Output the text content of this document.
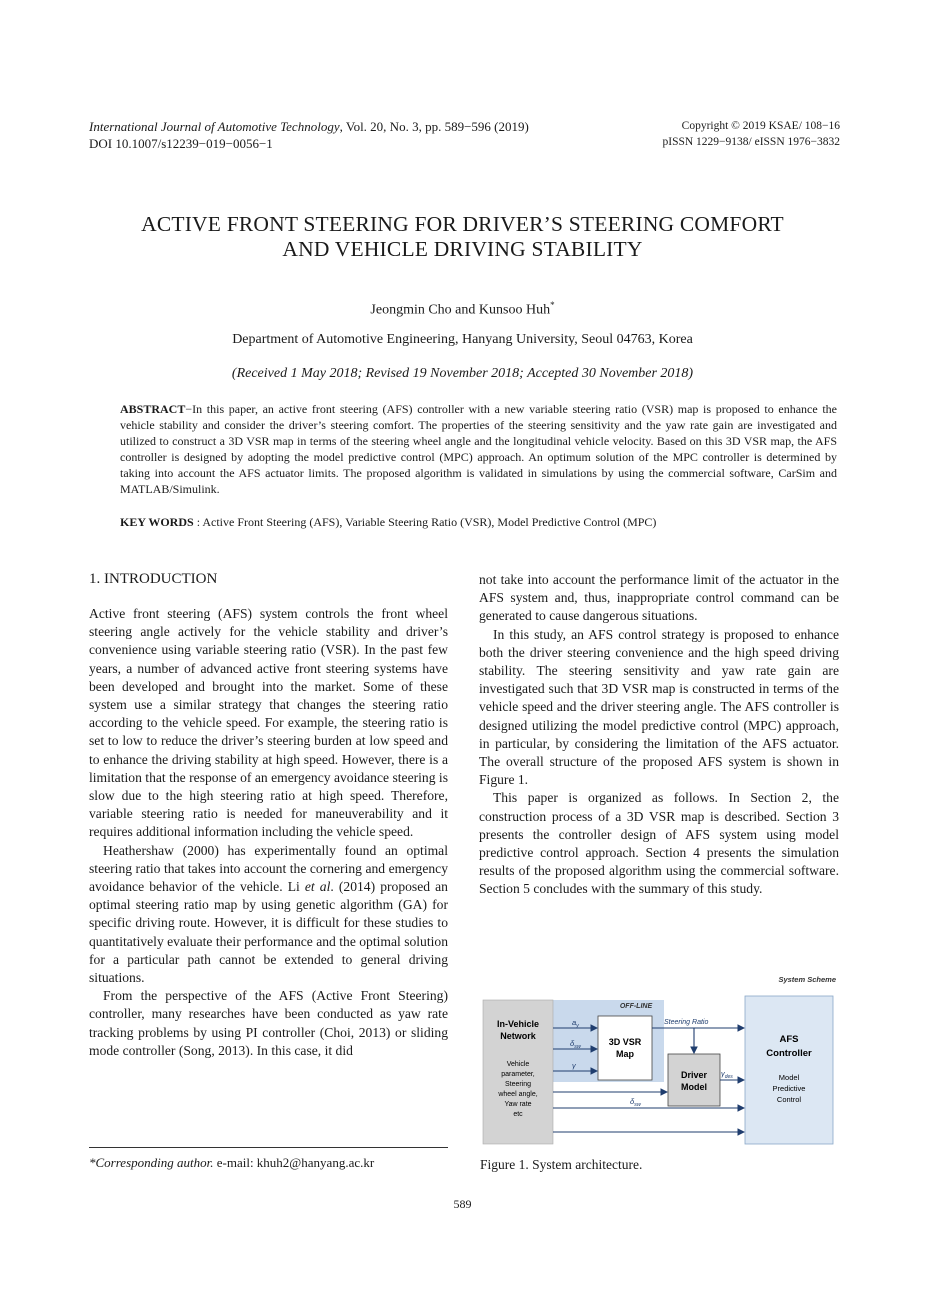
International Journal of Automotive Technology, Vol. 20, No. 3, pp. 589−596 (2019)
DOI 10.1007/s12239−019−0056−1
Copyright © 2019 KSAE/ 108−16
pISSN 1229−9138/ eISSN 1976−3832
ACTIVE FRONT STEERING FOR DRIVER’S STEERING COMFORT
AND VEHICLE DRIVING STABILITY
Jeongmin Cho and Kunsoo Huh*
Department of Automotive Engineering, Hanyang University, Seoul 04763, Korea
(Received 1 May 2018; Revised 19 November 2018; Accepted 30 November 2018)
ABSTRACT−In this paper, an active front steering (AFS) controller with a new variable steering ratio (VSR) map is proposed to enhance the vehicle stability and consider the driver’s steering comfort. The properties of the steering sensitivity and the yaw rate gain are investigated and utilized to construct a 3D VSR map in terms of the steering wheel angle and the longitudinal vehicle velocity. Based on this 3D VSR map, the AFS controller is designed by adopting the model predictive control (MPC) approach. An optimum solution of the MPC controller is determined by taking into account the AFS actuator limits. The proposed algorithm is validated in simulations by using the commercial software, CarSim and MATLAB/Simulink.
KEY WORDS : Active Front Steering (AFS), Variable Steering Ratio (VSR), Model Predictive Control (MPC)
1. INTRODUCTION

Active front steering (AFS) system controls the front wheel steering angle actively for the vehicle stability and driver’s convenience using variable steering ratio (VSR). In the past few years, a number of advanced active front steering systems have been developed and brought into the market. Some of these system use a similar strategy that changes the steering ratio according to the vehicle speed. For example, the steering ratio is set to low to reduce the driver’s steering burden at low speed and to enhance the driving stability at high speed. However, there is a limitation that the response of an emergency avoidance steering is slow due to the high steering ratio at high speed. Therefore, variable steering ratio is needed for maneuverability and it requires additional information including the vehicle speed.

Heathershaw (2000) has experimentally found an optimal steering ratio that takes into account the cornering and emergency avoidance behavior of the vehicle. Li et al. (2014) proposed an optimal steering ratio map by using genetic algorithm (GA) for specific driving route. However, it is difficult for these studies to quantitatively evaluate their performance and the optimal solution for a particular path cannot be extended to general driving situations.

From the perspective of the AFS (Active Front Steering) controller, many researches have been conducted as yaw rate tracking problems by using PI controller (Choi, 2013) or sliding mode controller (Song, 2013). In this case, it did

not take into account the performance limit of the actuator in the AFS system and, thus, inappropriate control command can be generated to cause dangerous situations.

In this study, an AFS control strategy is proposed to enhance both the driver steering convenience and the high speed driving stability. The steering sensitivity and yaw rate gain are investigated such that 3D VSR map is constructed in terms of the vehicle speed and the driver steering angle. The AFS controller is designed utilizing the model predictive control (MPC) approach, in particular, by considering the limitation of the AFS actuator. The overall structure of the proposed AFS system is shown in Figure 1.

This paper is organized as follows. In Section 2, the construction process of a 3D VSR map is described. Section 3 presents the controller design of AFS system using model predictive control approach. Section 4 presents the simulation results of the proposed algorithm using the commercial software. Section 5 concludes with the summary of this study.

System Scheme
OFF-LINE
In-Vehicle
Network
Vehicle
parameter,
Steering
wheel angle,
Yaw rate
etc
3D VSR
Map
Driver
Model
AFS
Controller
Model
Predictive
Control
$a_y$
$\delta_{sw}$
γ
Steering Ratio
$\gamma_{des}$
$\delta_{sw}$
Figure 1. System architecture.
*Corresponding author. e-mail: khuh2@hanyang.ac.kr
589
